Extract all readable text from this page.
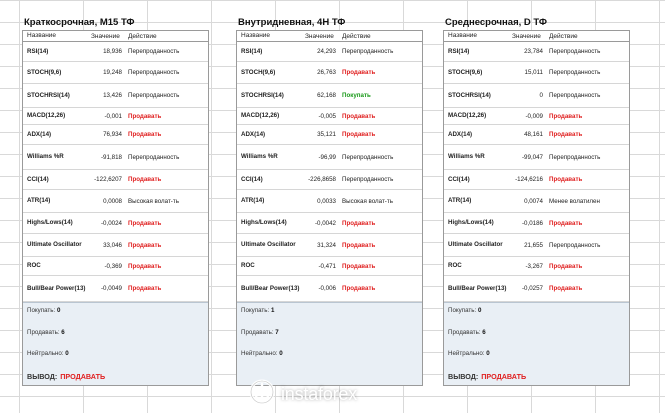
Краткосрочная, M15 ТФ
Название	Значение	Действие
RSI(14)	18,936 Перепроданность
STOCH(9,6)	19,248 Перепроданность
STOCHRSI(14)	13,426 Перепроданность
MACD(12,26)	-0,001 Продавать
ADX(14)	76,934 Продавать
Williams %R	-91,818 Перепроданность
CCI(14)	-122,6207 Продавать
ATR(14)	0,0008 Высокая волат-ть
Highs/Lows(14)	-0,0024 Продавать
Ultimate Oscillator	33,046 Продавать
ROC	-0,369 Продавать
Bull/Bear Power(13)	-0,0049 Продавать
Покупать: 0
Продавать: 6
Нейтрально: 0
ВЫВОД: ПРОДАВАТЬ
Внутридневная, 4H ТФ
Название	Значение	Действие
RSI(14)	24,293 Перепроданность
STOCH(9,6)	26,763 Продавать
STOCHRSI(14)	62,168 Покупать
MACD(12,26)	-0,005 Продавать
ADX(14)	35,121 Продавать
Williams %R	-96,99 Перепроданность
CCI(14)	-226,8658 Перепроданность
ATR(14)	0,0033 Высокая волат-ть
Highs/Lows(14)	-0,0042 Продавать
Ultimate Oscillator	31,324 Продавать
ROC	-0,471 Продавать
Bull/Bear Power(13)	-0,006 Продавать
Покупать: 1
Продавать: 7
Нейтрально: 0
Среднесрочная, D ТФ
Название	Значение	Действие
RSI(14)	23,784 Перепроданность
STOCH(9,6)	15,011 Перепроданность
STOCHRSI(14)	0 Перепроданность
MACD(12,26)	-0,009 Продавать
ADX(14)	48,161 Продавать
Williams %R	-99,047 Перепроданность
CCI(14)	-124,6216 Продавать
ATR(14)	0,0074 Менее волатилен
Highs/Lows(14)	-0,0186 Продавать
Ultimate Oscillator	21,655 Перепроданность
ROC	-3,267 Продавать
Bull/Bear Power(13)	-0,0257 Продавать
Покупать: 0
Продавать: 6
Нейтрально: 0
ВЫВОД: ПРОДАВАТЬ
instaforex
